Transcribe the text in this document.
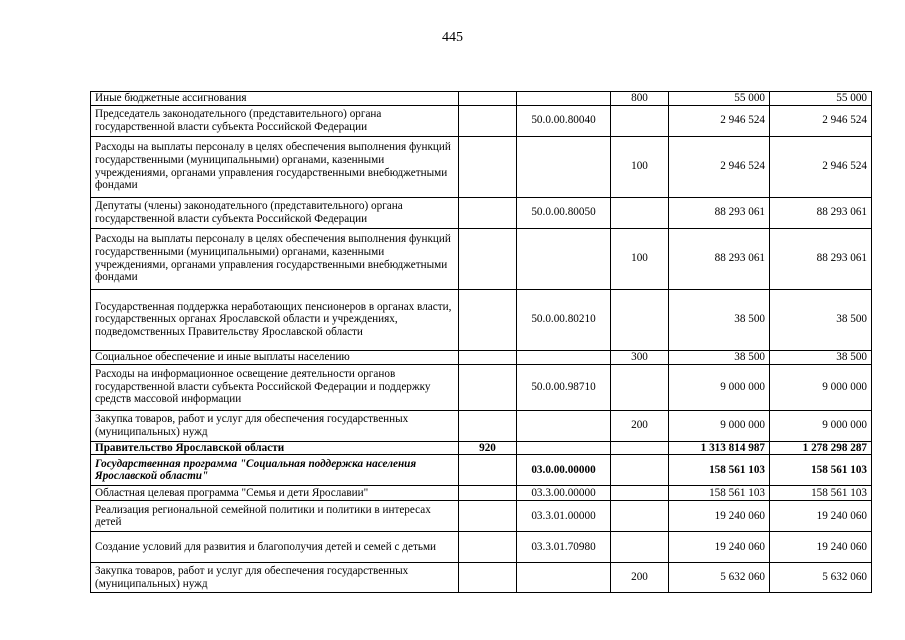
445
Иные бюджетные ассигнования			800	55 000	55 000
Председатель законодательного (представительного) органа государственной власти субъекта Российской Федерации		50.0.00.80040		2 946 524	2 946 524
Расходы на выплаты персоналу в целях обеспечения выполнения функций государственными (муниципальными) органами, казенными учреждениями, органами управления государственными внебюджетными фондами			100	2 946 524	2 946 524
Депутаты (члены) законодательного (представительного) органа государственной власти субъекта Российской Федерации		50.0.00.80050		88 293 061	88 293 061
Расходы на выплаты персоналу в целях обеспечения выполнения функций государственными (муниципальными) органами, казенными учреждениями, органами управления государственными внебюджетными фондами			100	88 293 061	88 293 061
Государственная поддержка неработающих пенсионеров в органах власти, государственных органах Ярославской области и учреждениях, подведомственных Правительству Ярославской области		50.0.00.80210		38 500	38 500
Социальное обеспечение и иные выплаты населению			300	38 500	38 500
Расходы на информационное освещение деятельности органов государственной власти субъекта Российской Федерации и поддержку средств массовой информации		50.0.00.98710		9 000 000	9 000 000
Закупка товаров, работ и услуг для обеспечения государственных (муниципальных) нужд			200	9 000 000	9 000 000
Правительство Ярославской области	920			1 313 814 987	1 278 298 287
Государственная программа "Социальная поддержка населения Ярославской области"		03.0.00.00000		158 561 103	158 561 103
Областная целевая программа "Семья и дети Ярославии"		03.3.00.00000		158 561 103	158 561 103
Реализация региональной семейной политики и политики в интересах детей		03.3.01.00000		19 240 060	19 240 060
Создание условий для развития и благополучия детей и семей с детьми		03.3.01.70980		19 240 060	19 240 060
Закупка товаров, работ и услуг для обеспечения государственных (муниципальных) нужд			200	5 632 060	5 632 060
